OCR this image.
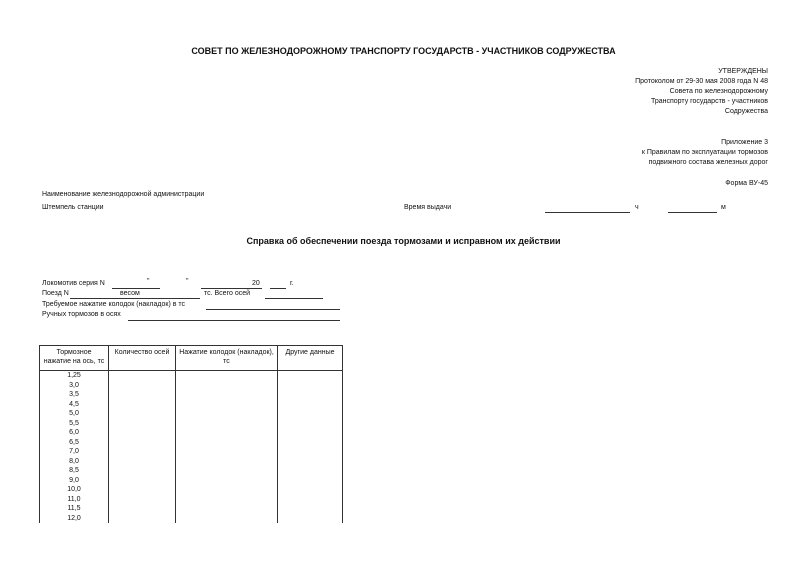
СОВЕТ ПО ЖЕЛЕЗНОДОРОЖНОМУ ТРАНСПОРТУ ГОСУДАРСТВ - УЧАСТНИКОВ СОДРУЖЕСТВА
УТВЕРЖДЕНЫ
Протоколом от 29-30 мая 2008 года N 48
Совета по железнодорожному
Транспорту государств - участников
Содружества
Приложение 3
к Правилам по эксплуатации тормозов
подвижного состава железных дорог
Форма ВУ-45
Наименование железнодорожной администрации
Штемпель станции	Время выдачи	ч	м
Справка об обеспечении поезда тормозами и исправном их действии
Локомотив серия N	"	"	20	г.
Поезд N	весом	тс. Всего осей
Требуемое нажатие колодок (накладок) в тс
Ручных тормозов в осях
Тормозное нажатие на ось, тс	Количество осей	Нажатие колодок (накладок), тс	Другие данные
1,25			
3,0			
3,5			
4,5			
5,0			
5,5			
6,0			
6,5			
7,0			
8,0			
8,5			
9,0			
10,0			
11,0			
11,5			
12,0			
